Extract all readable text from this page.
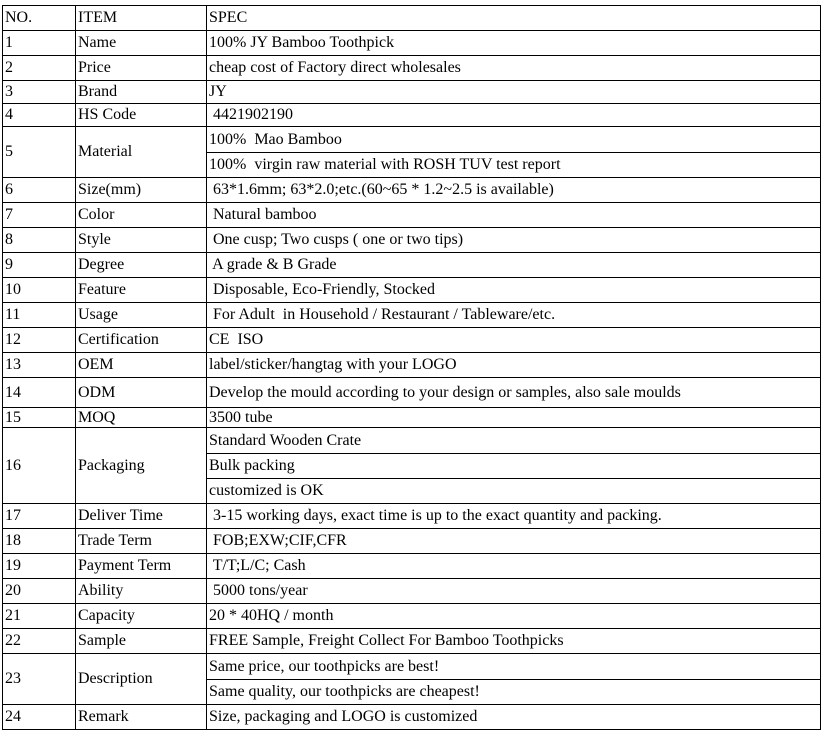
NO.	ITEM	SPEC
1	Name	100% JY Bamboo Toothpick
2	Price	cheap cost of Factory direct wholesales
3	Brand	JY
4	HS Code	4421902190
5	Material	100%  Mao Bamboo
		100%  virgin raw material with ROSH TUV test report
6	Size(mm)	63*1.6mm; 63*2.0;etc.(60~65 * 1.2~2.5 is available)
7	Color	Natural bamboo
8	Style	One cusp; Two cusps ( one or two tips)
9	Degree	A grade & B Grade
10	Feature	Disposable, Eco-Friendly, Stocked
11	Usage	For Adult  in Household / Restaurant / Tableware/etc.
12	Certification	CE  ISO
13	OEM	label/sticker/hangtag with your LOGO
14	ODM	Develop the mould according to your design or samples, also sale moulds
15	MOQ	3500 tube
16	Packaging	Standard Wooden Crate
		Bulk packing
		customized is OK
17	Deliver Time	3-15 working days, exact time is up to the exact quantity and packing.
18	Trade Term	FOB;EXW;CIF,CFR
19	Payment Term	T/T;L/C; Cash
20	Ability	5000 tons/year
21	Capacity	20 * 40HQ / month
22	Sample	FREE Sample, Freight Collect For Bamboo Toothpicks
23	Description	Same price, our toothpicks are best!
		Same quality, our toothpicks are cheapest!
24	Remark	Size, packaging and LOGO is customized
